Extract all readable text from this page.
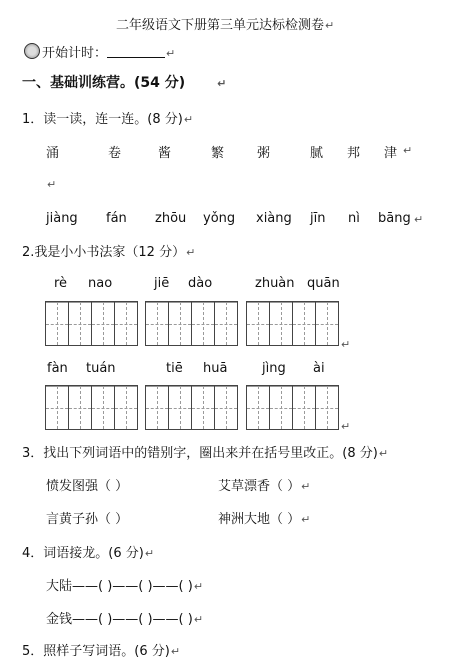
二年级语文下册第三单元达标检测卷↵
开始计时：	↵
一、基础训练营。(54 分)	↵
1．读一读，连一连。(8 分)↵
涌	卷	酱	繁	粥	腻 邦 津 ↵
↵
jiàng fán zhōu yǒng xiàng jīn nì bāng ↵
2.我是小小书法家（12 分）↵
rè nao	jiē dào	zhuàn quān
↵
fàn tuán	tiē huā	jìng ài
↵
3．找出下列词语中的错别字，圈出来并在括号里改正。(8 分)↵
愤发图强（ ）	艾草漂香（ ）↵
言黄子孙（ ）	神洲大地（ ）↵
4．词语接龙。(6 分)↵
大陆——( )——( )——( )↵
金钱——( )——( )——( )↵
5．照样子写词语。(6 分)↵
